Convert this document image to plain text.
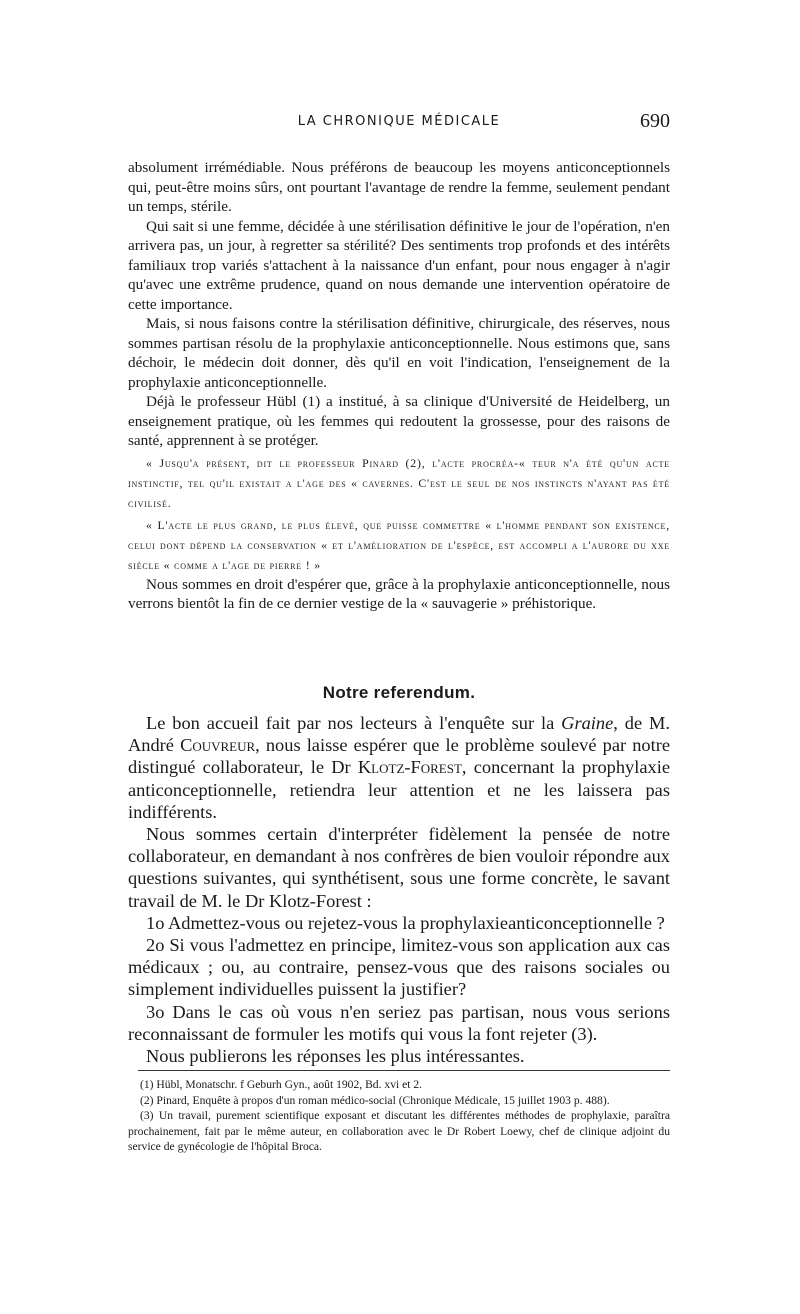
LA CHRONIQUE MÉDICALE	690

absolument irrémédiable. Nous préférons de beaucoup les moyens anticonceptionnels qui, peut-être moins sûrs, ont pourtant l'avantage de rendre la femme, seulement pendant un temps, stérile.

Qui sait si une femme, décidée à une stérilisation définitive le jour de l'opération, n'en arrivera pas, un jour, à regretter sa stérilité? Des sentiments trop profonds et des intérêts familiaux trop variés s'attachent à la naissance d'un enfant, pour nous engager à n'agir qu'avec une extrême prudence, quand on nous demande une intervention opératoire de cette importance.

Mais, si nous faisons contre la stérilisation définitive, chirurgicale, des réserves, nous sommes partisan résolu de la prophylaxie anticonceptionnelle. Nous estimons que, sans déchoir, le médecin doit donner, dès qu'il en voit l'indication, l'enseignement de la prophylaxie anticonceptionnelle.

Déjà le professeur Hübl (1) a institué, à sa clinique d'Université de Heidelberg, un enseignement pratique, où les femmes qui redoutent la grossesse, pour des raisons de santé, apprennent à se protéger.

« Jusqu'a présent, dit le professeur Pinard (2), l'acte procréa-« teur n'a été qu'un acte instinctif, tel qu'il existait a l'age des « cavernes. C'est le seul de nos instincts n'ayant pas été civilisé.

« L'acte le plus grand, le plus élevé, que puisse commettre « l'homme pendant son existence, celui dont dépend la conservation « et l'amélioration de l'espèce, est accompli a l'aurore du xxe siècle « comme a l'age de pierre ! »

Nous sommes en droit d'espérer que, grâce à la prophylaxie anticonceptionnelle, nous verrons bientôt la fin de ce dernier vestige de la « sauvagerie » préhistorique.

Notre referendum.

Le bon accueil fait par nos lecteurs à l'enquête sur la Graine, de M. André Couvreur, nous laisse espérer que le problème soulevé par notre distingué collaborateur, le Dr Klotz-Forest, concernant la prophylaxie anticonceptionnelle, retiendra leur attention et ne les laissera pas indifférents.

Nous sommes certain d'interpréter fidèlement la pensée de notre collaborateur, en demandant à nos confrères de bien vouloir répondre aux questions suivantes, qui synthétisent, sous une forme concrète, le savant travail de M. le Dr Klotz-Forest :

1o Admettez-vous ou rejetez-vous la prophylaxieanticonceptionnelle ?

2o Si vous l'admettez en principe, limitez-vous son application aux cas médicaux ; ou, au contraire, pensez-vous que des raisons sociales ou simplement individuelles puissent la justifier?

3o Dans le cas où vous n'en seriez pas partisan, nous vous serions reconnaissant de formuler les motifs qui vous la font rejeter (3).

Nous publierons les réponses les plus intéressantes.

(1) Hübl, Monatschr. f Geburh Gyn., août 1902, Bd. xvi et 2.

(2) Pinard, Enquête à propos d'un roman médico-social (Chronique Médicale, 15 juillet 1903 p. 488).

(3) Un travail, purement scientifique exposant et discutant les différentes méthodes de prophylaxie, paraîtra prochainement, fait par le même auteur, en collaboration avec le Dr Robert Loewy, chef de clinique adjoint du service de gynécologie de l'hôpital Broca.
